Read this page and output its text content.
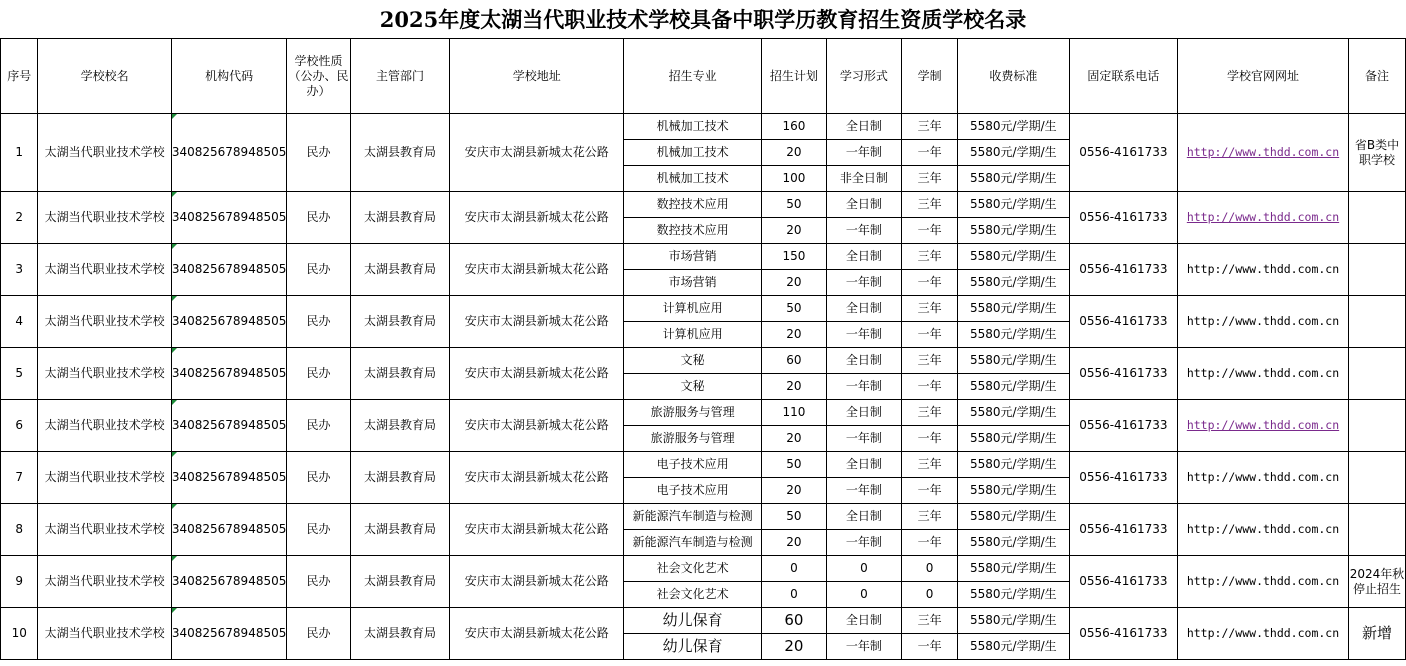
2025年度太湖当代职业技术学校具备中职学历教育招生资质学校名录
序号	学校校名	机构代码	学校性质（公办、民办）	主管部门	学校地址	招生专业	招生计划	学习形式	学制	收费标准	固定联系电话	学校官网网址	备注
1	太湖当代职业技术学校	340825678948505	民办	太湖县教育局	安庆市太湖县新城太花公路	机械加工技术	160	全日制	三年	5580元/学期/生	0556-4161733	http://www.thdd.com.cn	省B类中职学校
						机械加工技术	20	一年制	一年	5580元/学期/生			
						机械加工技术	100	非全日制	三年	5580元/学期/生			
2	太湖当代职业技术学校	340825678948505	民办	太湖县教育局	安庆市太湖县新城太花公路	数控技术应用	50	全日制	三年	5580元/学期/生	0556-4161733	http://www.thdd.com.cn	
						数控技术应用	20	一年制	一年	5580元/学期/生			
3	太湖当代职业技术学校	340825678948505	民办	太湖县教育局	安庆市太湖县新城太花公路	市场营销	150	全日制	三年	5580元/学期/生	0556-4161733	http://www.thdd.com.cn	
						市场营销	20	一年制	一年	5580元/学期/生			
4	太湖当代职业技术学校	340825678948505	民办	太湖县教育局	安庆市太湖县新城太花公路	计算机应用	50	全日制	三年	5580元/学期/生	0556-4161733	http://www.thdd.com.cn	
						计算机应用	20	一年制	一年	5580元/学期/生			
5	太湖当代职业技术学校	340825678948505	民办	太湖县教育局	安庆市太湖县新城太花公路	文秘	60	全日制	三年	5580元/学期/生	0556-4161733	http://www.thdd.com.cn	
						文秘	20	一年制	一年	5580元/学期/生			
6	太湖当代职业技术学校	340825678948505	民办	太湖县教育局	安庆市太湖县新城太花公路	旅游服务与管理	110	全日制	三年	5580元/学期/生	0556-4161733	http://www.thdd.com.cn	
						旅游服务与管理	20	一年制	一年	5580元/学期/生			
7	太湖当代职业技术学校	340825678948505	民办	太湖县教育局	安庆市太湖县新城太花公路	电子技术应用	50	全日制	三年	5580元/学期/生	0556-4161733	http://www.thdd.com.cn	
						电子技术应用	20	一年制	一年	5580元/学期/生			
8	太湖当代职业技术学校	340825678948505	民办	太湖县教育局	安庆市太湖县新城太花公路	新能源汽车制造与检测	50	全日制	三年	5580元/学期/生	0556-4161733	http://www.thdd.com.cn	
						新能源汽车制造与检测	20	一年制	一年	5580元/学期/生			
9	太湖当代职业技术学校	340825678948505	民办	太湖县教育局	安庆市太湖县新城太花公路	社会文化艺术	0	0	0	5580元/学期/生	0556-4161733	http://www.thdd.com.cn	2024年秋停止招生
						社会文化艺术	0	0	0	5580元/学期/生			
10	太湖当代职业技术学校	340825678948505	民办	太湖县教育局	安庆市太湖县新城太花公路	幼儿保育	60	全日制	三年	5580元/学期/生	0556-4161733	http://www.thdd.com.cn	新增
						幼儿保育	20	一年制	一年	5580元/学期/生			
